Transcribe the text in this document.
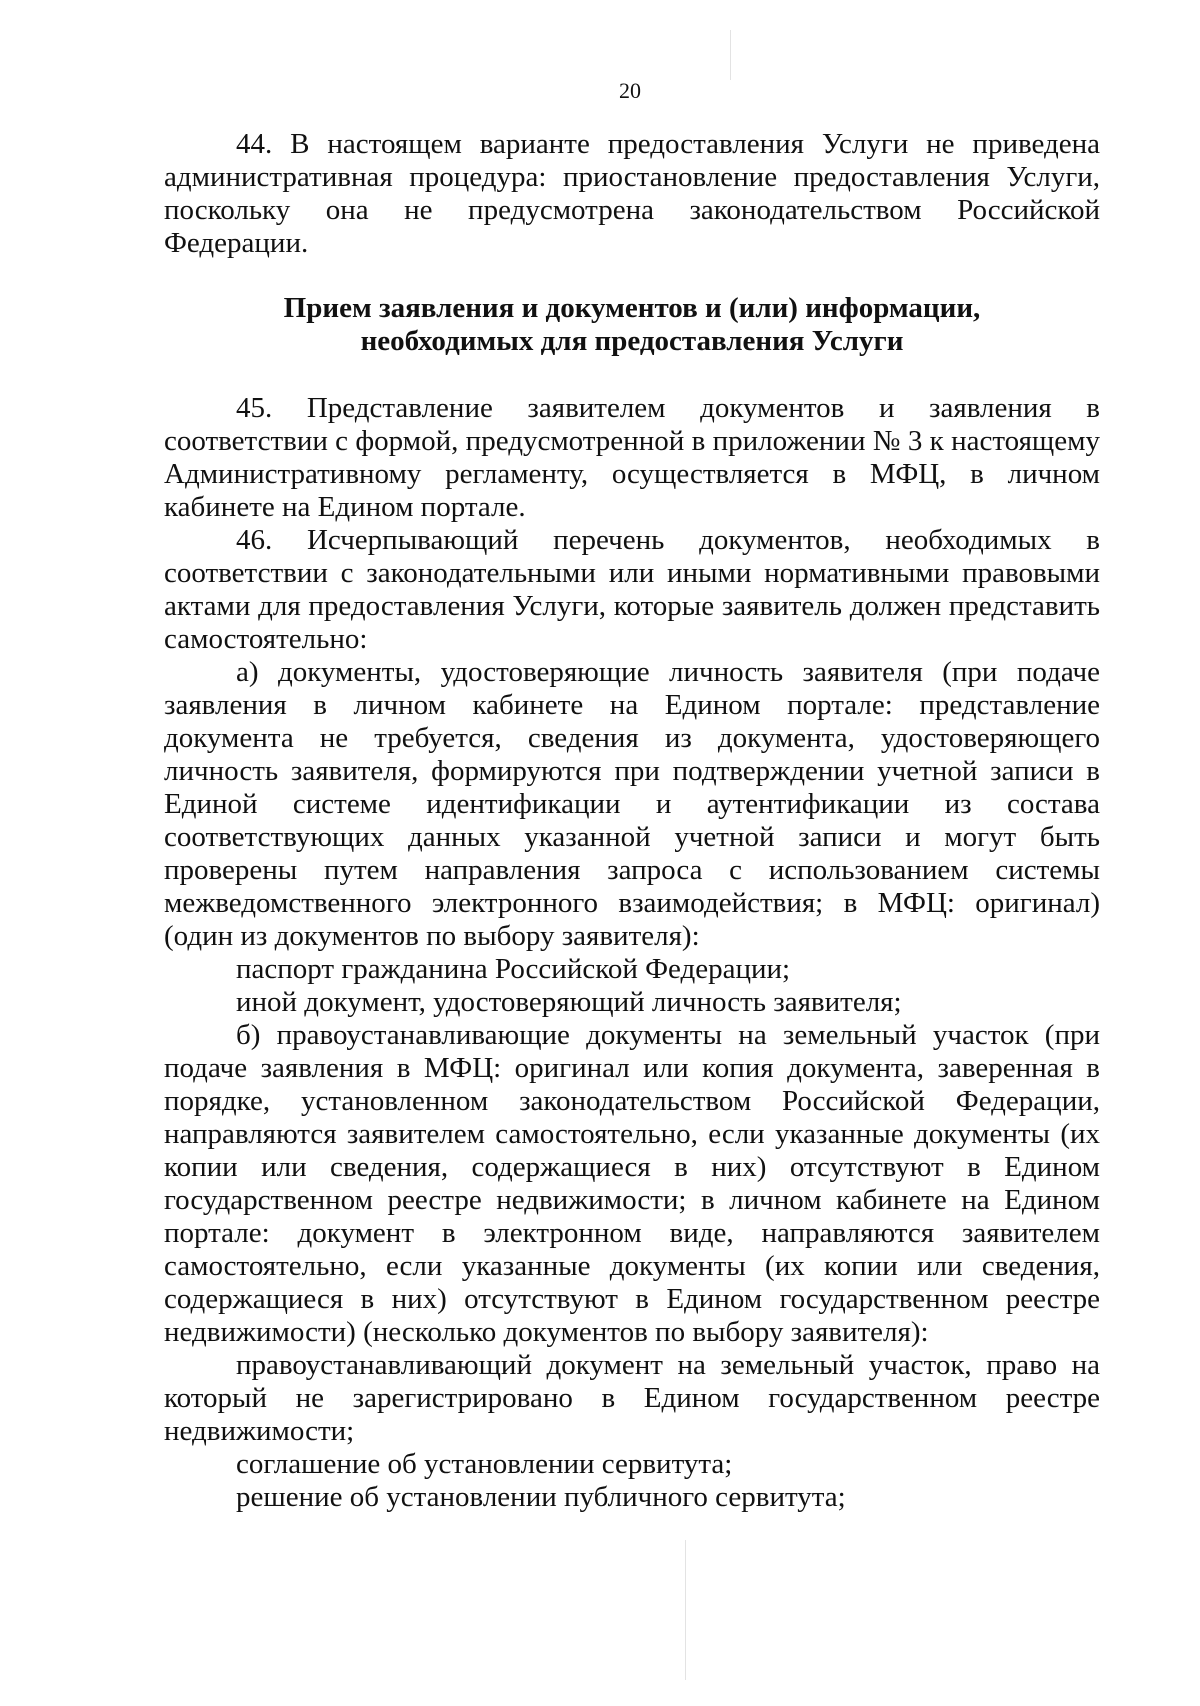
20

44. В настоящем варианте предоставления Услуги не приведена административная процедура: приостановление предоставления Услуги, поскольку она не предусмотрена законодательством Российской Федерации.

Прием заявления и документов и (или) информации,
необходимых для предоставления Услуги

45. Представление заявителем документов и заявления в соответствии с формой, предусмотренной в приложении № 3 к настоящему Административному регламенту, осуществляется в МФЦ, в личном кабинете на Едином портале.

46. Исчерпывающий перечень документов, необходимых в соответствии с законодательными или иными нормативными правовыми актами для предоставления Услуги, которые заявитель должен представить самостоятельно:

а) документы, удостоверяющие личность заявителя (при подаче заявления в личном кабинете на Едином портале: представление документа не требуется, сведения из документа, удостоверяющего личность заявителя, формируются при подтверждении учетной записи в Единой системе идентификации и аутентификации из состава соответствующих данных указанной учетной записи и могут быть проверены путем направления запроса с использованием системы межведомственного электронного взаимодействия; в МФЦ: оригинал) (один из документов по выбору заявителя):

паспорт гражданина Российской Федерации;

иной документ, удостоверяющий личность заявителя;

б) правоустанавливающие документы на земельный участок (при подаче заявления в МФЦ: оригинал или копия документа, заверенная в порядке, установленном законодательством Российской Федерации, направляются заявителем самостоятельно, если указанные документы (их копии или сведения, содержащиеся в них) отсутствуют в Едином государственном реестре недвижимости; в личном кабинете на Едином портале: документ в электронном виде, направляются заявителем самостоятельно, если указанные документы (их копии или сведения, содержащиеся в них) отсутствуют в Едином государственном реестре недвижимости) (несколько документов по выбору заявителя):

правоустанавливающий документ на земельный участок, право на который не зарегистрировано в Едином государственном реестре недвижимости;

соглашение об установлении сервитута;

решение об установлении публичного сервитута;
